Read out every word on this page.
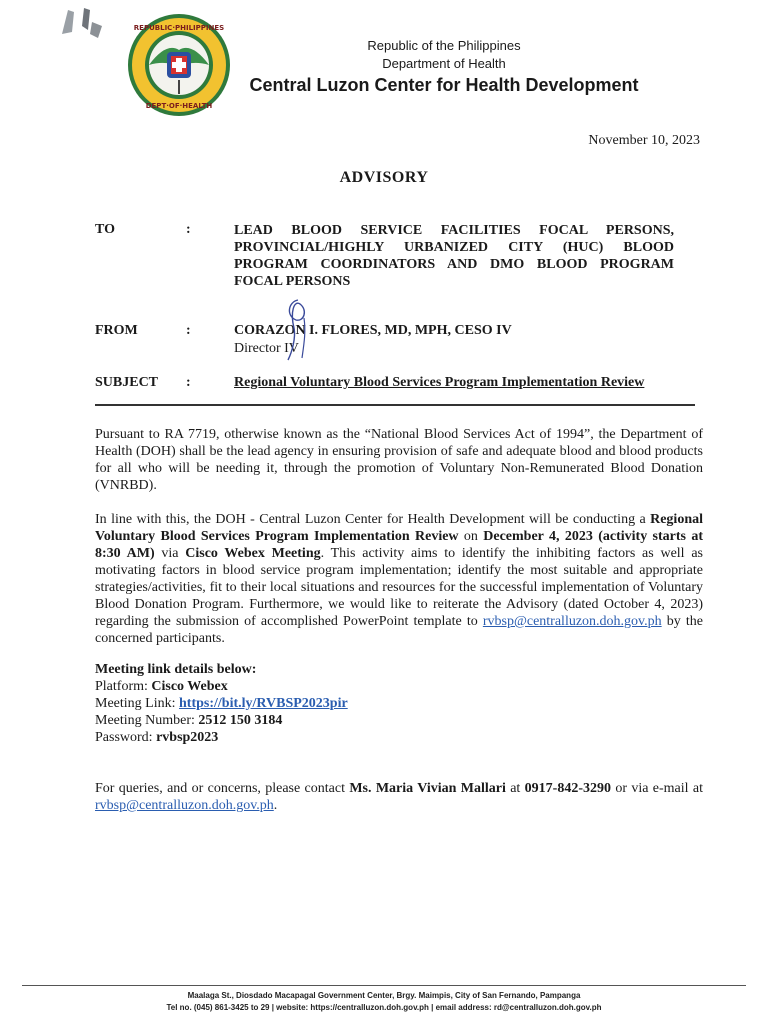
REPUBLIC·PHILIPPINES
DEPT·OF·HEALTH
Republic of the Philippines
Department of Health
Central Luzon Center for Health Development
November 10, 2023
ADVISORY
TO	:	LEAD BLOOD SERVICE FACILITIES FOCAL PERSONS, PROVINCIAL/HIGHLY URBANIZED CITY (HUC) BLOOD PROGRAM COORDINATORS AND DMO BLOOD PROGRAM FOCAL PERSONS
FROM	:	CORAZON I. FLORES, MD, MPH, CESO IV
Director IV
SUBJECT :	Regional Voluntary Blood Services Program Implementation Review
Pursuant to RA 7719, otherwise known as the “National Blood Services Act of 1994”, the Department of Health (DOH) shall be the lead agency in ensuring provision of safe and adequate blood and blood products for all who will be needing it, through the promotion of Voluntary Non-Remunerated Blood Donation (VNRBD).
In line with this, the DOH - Central Luzon Center for Health Development will be conducting a Regional Voluntary Blood Services Program Implementation Review on December 4, 2023 (activity starts at 8:30 AM) via Cisco Webex Meeting. This activity aims to identify the inhibiting factors as well as motivating factors in blood service program implementation; identify the most suitable and appropriate strategies/activities, fit to their local situations and resources for the successful implementation of Voluntary Blood Donation Program. Furthermore, we would like to reiterate the Advisory (dated October 4, 2023) regarding the submission of accomplished PowerPoint template to rvbsp@centralluzon.doh.gov.ph by the concerned participants.
Meeting link details below:
Platform: Cisco Webex
Meeting Link: https://bit.ly/RVBSP2023pir
Meeting Number: 2512 150 3184
Password: rvbsp2023
For queries, and or concerns, please contact Ms. Maria Vivian Mallari at 0917-842-3290 or via e-mail at rvbsp@centralluzon.doh.gov.ph.
Maalaga St., Diosdado Macapagal Government Center, Brgy. Maimpis, City of San Fernando, Pampanga
Tel no. (045) 861-3425 to 29 | website: https://centralluzon.doh.gov.ph | email address: rd@centralluzon.doh.gov.ph
